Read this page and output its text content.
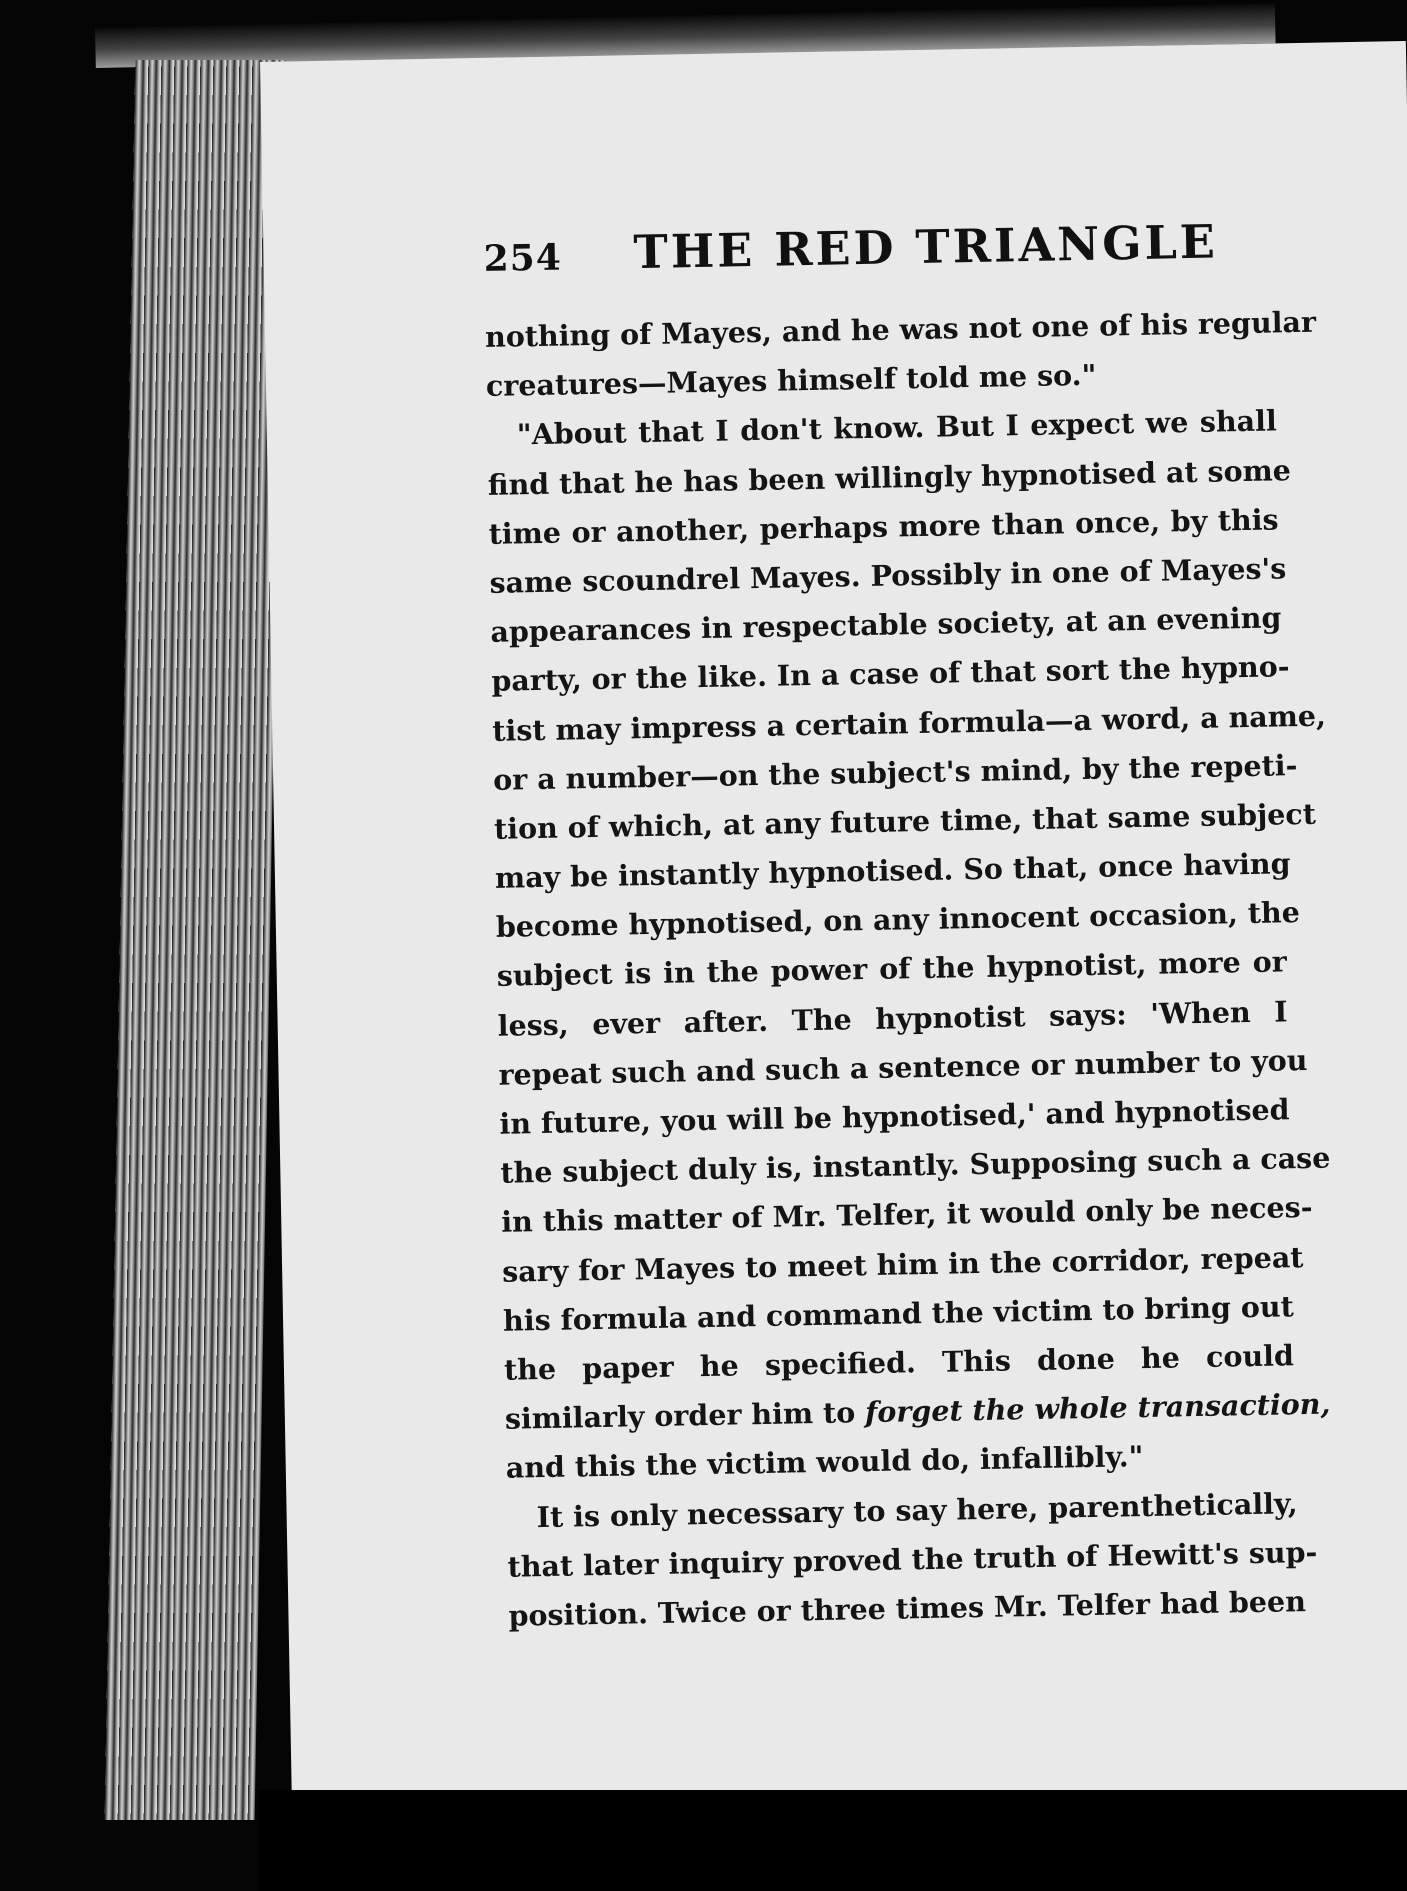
254 THE RED TRIANGLE
nothing of Mayes, and he was not one of his regular
creatures—Mayes himself told me so."
"About that I don't know. But I expect we shall
find that he has been willingly hypnotised at some
time or another, perhaps more than once, by this
same scoundrel Mayes. Possibly in one of Mayes's
appearances in respectable society, at an evening
party, or the like. In a case of that sort the hypno-
tist may impress a certain formula—a word, a name,
or a number—on the subject's mind, by the repeti-
tion of which, at any future time, that same subject
may be instantly hypnotised. So that, once having
become hypnotised, on any innocent occasion, the
subject is in the power of the hypnotist, more or
less, ever after. The hypnotist says: 'When I
repeat such and such a sentence or number to you
in future, you will be hypnotised,' and hypnotised
the subject duly is, instantly. Supposing such a case
in this matter of Mr. Telfer, it would only be neces-
sary for Mayes to meet him in the corridor, repeat
his formula and command the victim to bring out
the paper he specified. This done he could
similarly order him to forget the whole transaction,
and this the victim would do, infallibly."
It is only necessary to say here, parenthetically,
that later inquiry proved the truth of Hewitt's sup-
position. Twice or three times Mr. Telfer had been
